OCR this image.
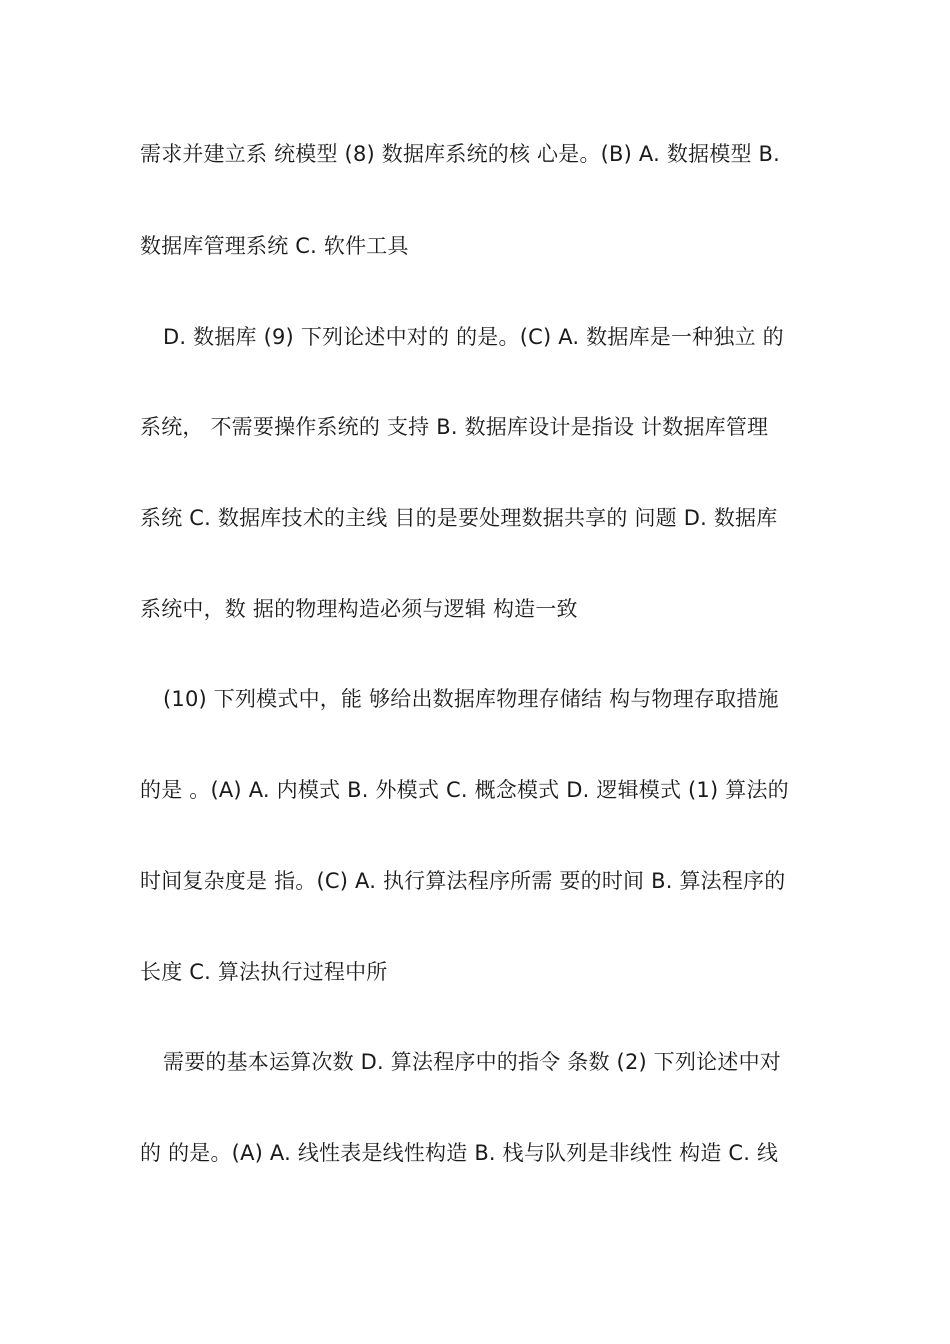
需求并建立系 统模型 (8) 数据库系统的核 心是。(B) A. 数据模型 B.
数据库管理系统 C. 软件工具
D. 数据库 (9) 下列论述中对的 的是。(C) A. 数据库是一种独立 的
系统， 不需要操作系统的 支持 B. 数据库设计是指设 计数据库管理
系统 C. 数据库技术的主线 目的是要处理数据共享的 问题 D. 数据库
系统中，数 据的物理构造必须与逻辑 构造一致
(10) 下列模式中，能 够给出数据库物理存储结 构与物理存取措施
的是 。(A) A. 内模式 B. 外模式 C. 概念模式 D. 逻辑模式 (1) 算法的
时间复杂度是 指。(C) A. 执行算法程序所需 要的时间 B. 算法程序的
长度 C. 算法执行过程中所
需要的基本运算次数 D. 算法程序中的指令 条数 (2) 下列论述中对
的 的是。(A) A. 线性表是线性构造 B. 栈与队列是非线性 构造 C. 线
